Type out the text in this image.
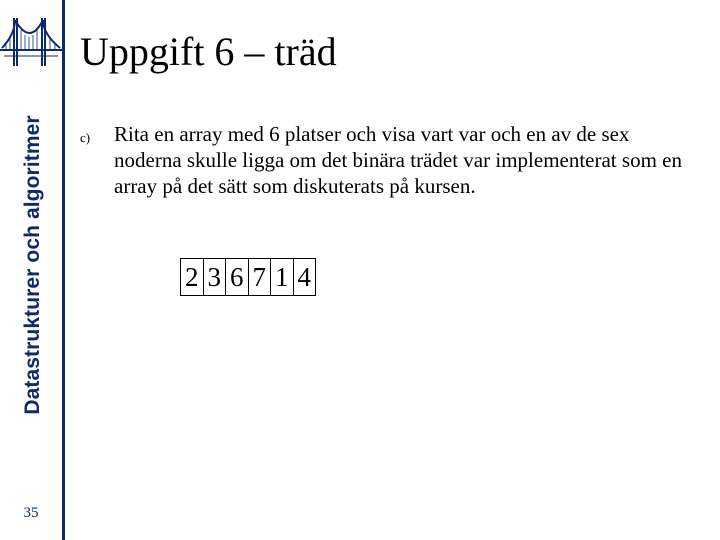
Datastrukturer och algoritmer
35
Uppgift 6 – träd
c) Rita en array med 6 platser och visa vart var och en av de sex noderna skulle ligga om det binära trädet var implementerat som en array på det sätt som diskuterats på kursen.
2 3 6 7 1 4
